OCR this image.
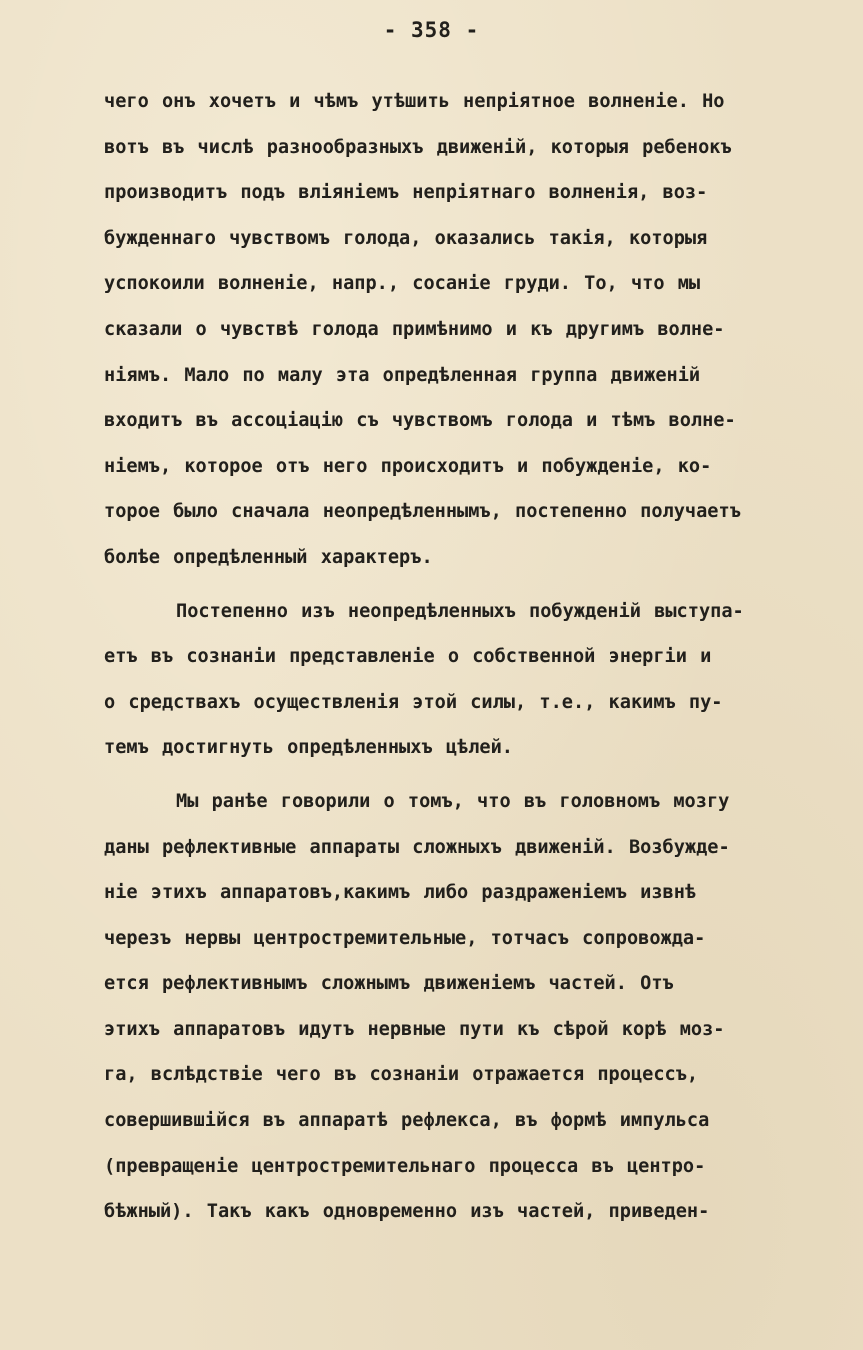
- 358 -
чего онъ хочетъ и чѣмъ утѣшить непріятное волненіе. Но
вотъ въ числѣ разнообразныхъ движеній, которыя ребенокъ
производитъ подъ вліяніемъ непріятнаго волненія, воз-
бужденнаго чувствомъ голода, оказались такія, которыя
успокоили волненіе, напр., сосаніе груди. То, что мы
сказали о чувствѣ голода примѣнимо и къ другимъ волне-
ніямъ. Мало по малу эта опредѣленная группа движеній
входитъ въ ассоціацію съ чувствомъ голода и тѣмъ волне-
ніемъ, которое отъ него происходитъ и побужденіе, ко-
торое было сначала неопредѣленнымъ, постепенно получаетъ
болѣе опредѣленный характеръ.
Постепенно изъ неопредѣленныхъ побужденій выступа-
етъ въ сознаніи представленіе о собственной энергіи и
о средствахъ осуществленія этой силы, т.е., какимъ пу-
темъ достигнуть опредѣленныхъ цѣлей.
Мы ранѣе говорили о томъ, что въ головномъ мозгу
даны рефлективные аппараты сложныхъ движеній. Возбужде-
ніе этихъ аппаратовъ,какимъ либо раздраженіемъ извнѣ
черезъ нервы центростремительные, тотчасъ сопровожда-
ется рефлективнымъ сложнымъ движеніемъ частей. Отъ
этихъ аппаратовъ идутъ нервные пути къ сѣрой корѣ моз-
га, вслѣдствіе чего въ сознаніи отражается процессъ,
совершившійся въ аппаратѣ рефлекса, въ формѣ импульса
(превращеніе центростремительнаго процесса въ центро-
бѣжный). Такъ какъ одновременно изъ частей, приведен-
